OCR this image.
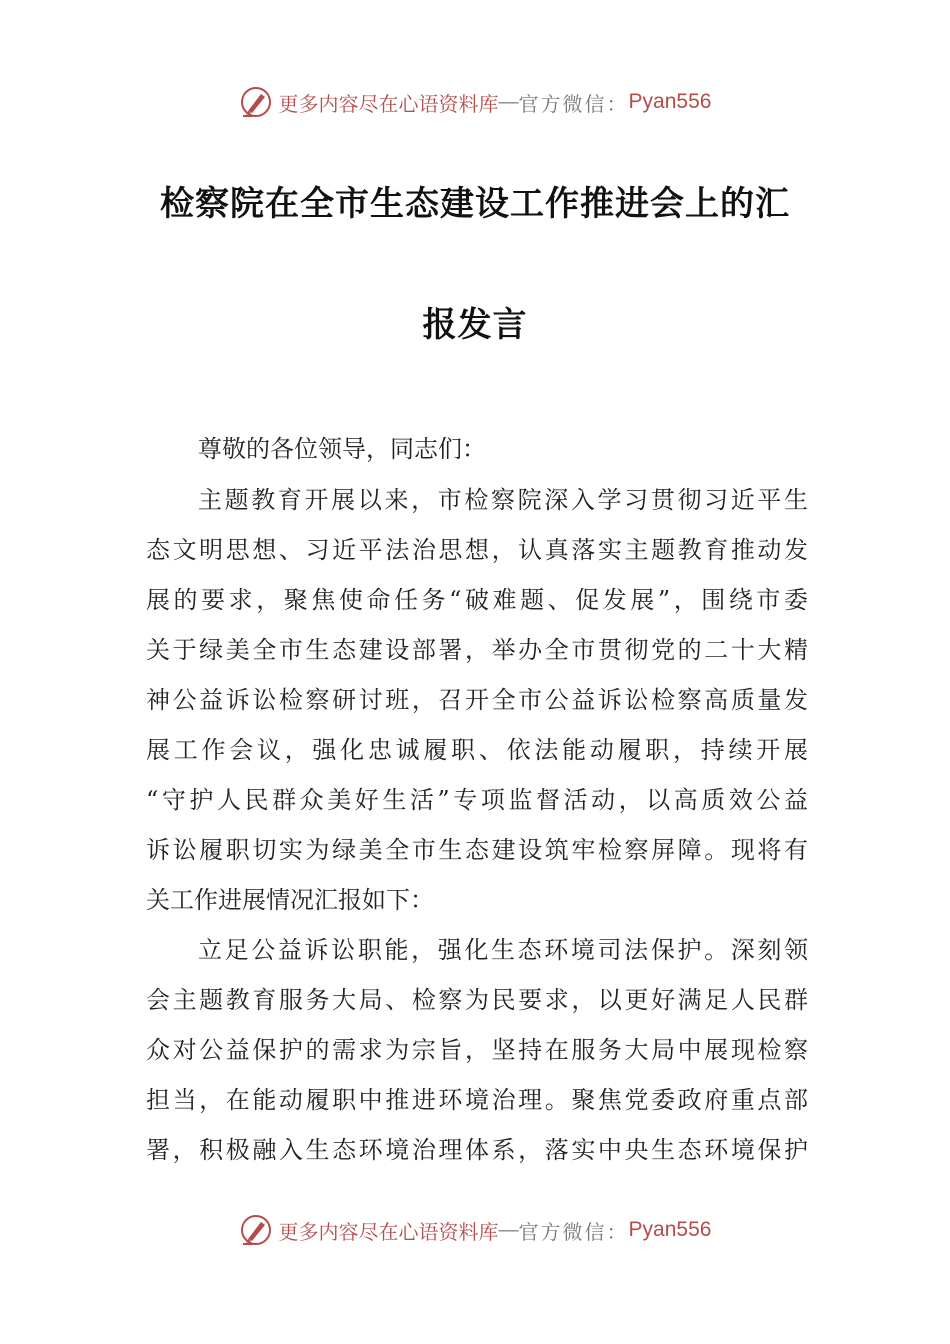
更多内容尽在心语资料库 — 官方微信： Pyan556
检察院在全市生态建设工作推进会上的汇
报发言
尊敬的各位领导，同志们：
主题教育开展以来，市检察院深入学习贯彻习近平生
态文明思想、习近平法治思想，认真落实主题教育推动发
展的要求，聚焦使命任务“破难题、促发展”，围绕市委
关于绿美全市生态建设部署，举办全市贯彻党的二十大精
神公益诉讼检察研讨班，召开全市公益诉讼检察高质量发
展工作会议，强化忠诚履职、依法能动履职，持续开展
“守护人民群众美好生活”专项监督活动，以高质效公益
诉讼履职切实为绿美全市生态建设筑牢检察屏障。现将有
关工作进展情况汇报如下：
立足公益诉讼职能，强化生态环境司法保护。深刻领
会主题教育服务大局、检察为民要求，以更好满足人民群
众对公益保护的需求为宗旨，坚持在服务大局中展现检察
担当，在能动履职中推进环境治理。聚焦党委政府重点部
署，积极融入生态环境治理体系，落实中央生态环境保护
更多内容尽在心语资料库 — 官方微信： Pyan556
